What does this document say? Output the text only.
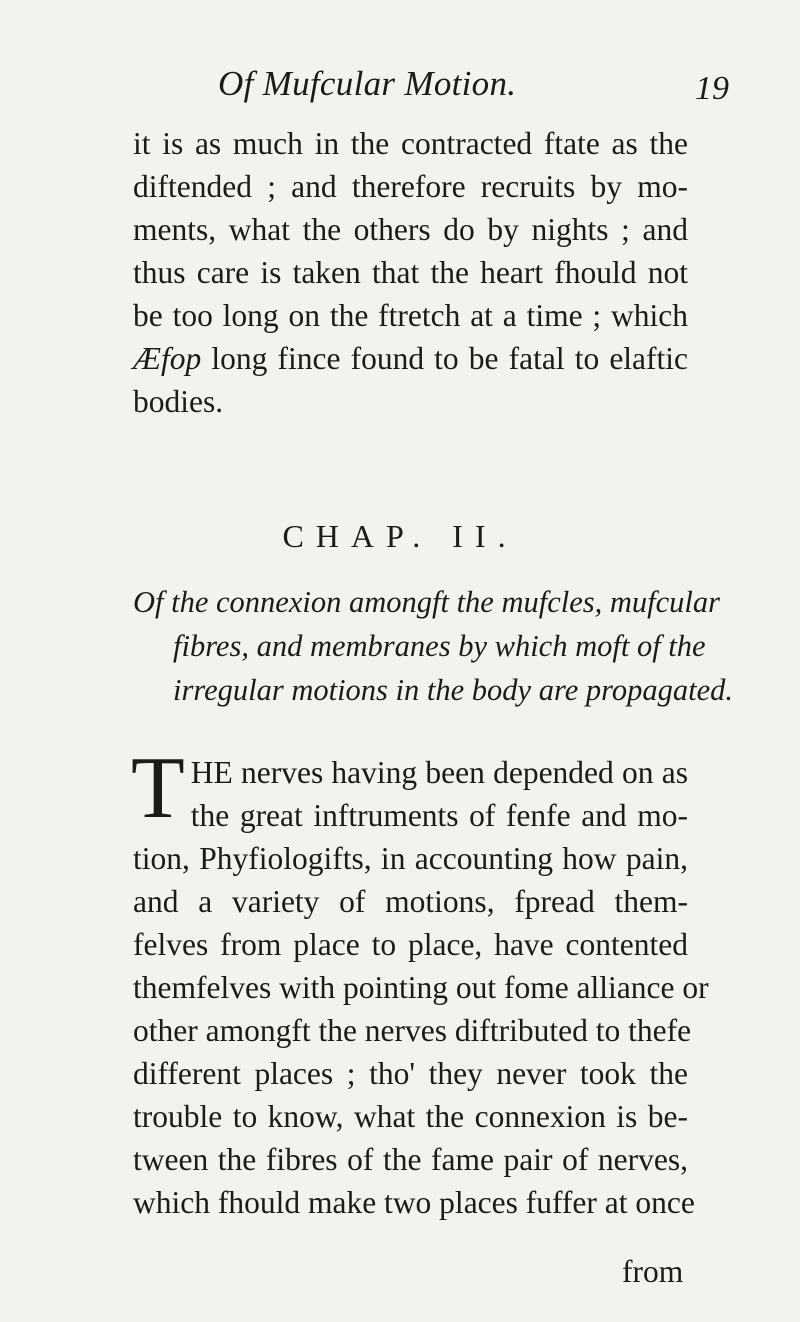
Of Mufcular Motion.	19
it is as much in the contracted ftate as the
diftended ; and therefore recruits by mo-
ments, what the others do by nights ; and
thus care is taken that the heart fhould not
be too long on the ftretch at a time ; which
Æfop long fince found to be fatal to elaftic
bodies.
CHAP. II.
Of the connexion amongft the mufcles, mufcular
fibres, and membranes by which moft of the
irregular motions in the body are propagated.
T HE nerves having been depended on as
the great inftruments of fenfe and mo-
tion, Phyfiologifts, in accounting how pain,
and a variety of motions, fpread them-
felves from place to place, have contented
themfelves with pointing out fome alliance or
other amongft the nerves diftributed to thefe
different places ; tho' they never took the
trouble to know, what the connexion is be-
tween the fibres of the fame pair of nerves,
which fhould make two places fuffer at once
from
